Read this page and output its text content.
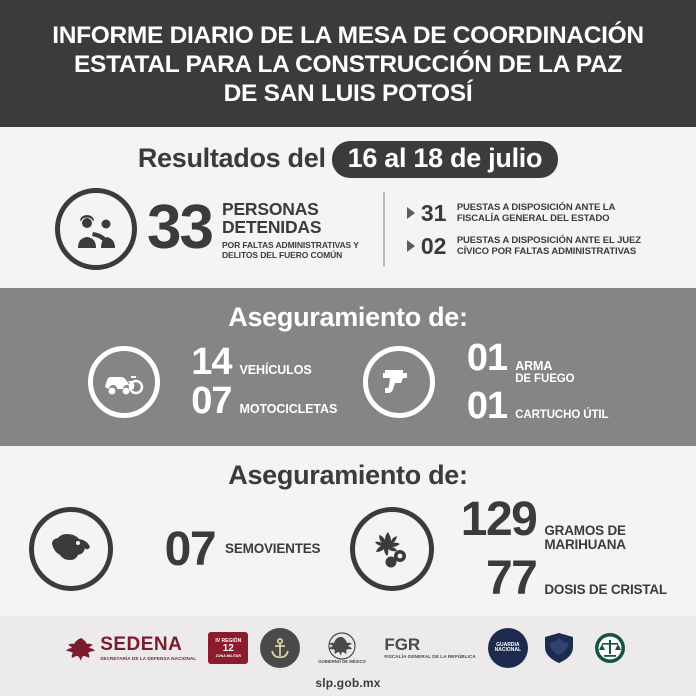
INFORME DIARIO DE LA MESA DE COORDINACIÓN
ESTATAL PARA LA CONSTRUCCIÓN DE LA PAZ
DE SAN LUIS POTOSÍ
Resultados del 16 al 18 de julio
33 PERSONAS
DETENIDAS
POR FALTAS ADMINISTRATIVAS Y
DELITOS DEL FUERO COMÚN
31	PUESTAS A DISPOSICIÓN ANTE LA
FISCALÍA GENERAL DEL ESTADO
02	PUESTAS A DISPOSICIÓN ANTE EL JUEZ
CÍVICO POR FALTAS ADMINISTRATIVAS
Aseguramiento de:
14 VEHÍCULOS
07 MOTOCICLETAS
01 ARMA
DE FUEGO
01 CARTUCHO ÚTIL
Aseguramiento de:
07 SEMOVIENTES
129 GRAMOS DE
MARIHUANA
77 DOSIS DE CRISTAL
SEDENA
SECRETARÍA DE LA DEFENSA NACIONAL
IV REGIÓN
12
ZONA MILITAR
GOBIERNO DE MÉXICO
FGR
FISCALÍA GENERAL DE LA REPÚBLICA
GUARDIA
NACIONAL
slp.gob.mx
